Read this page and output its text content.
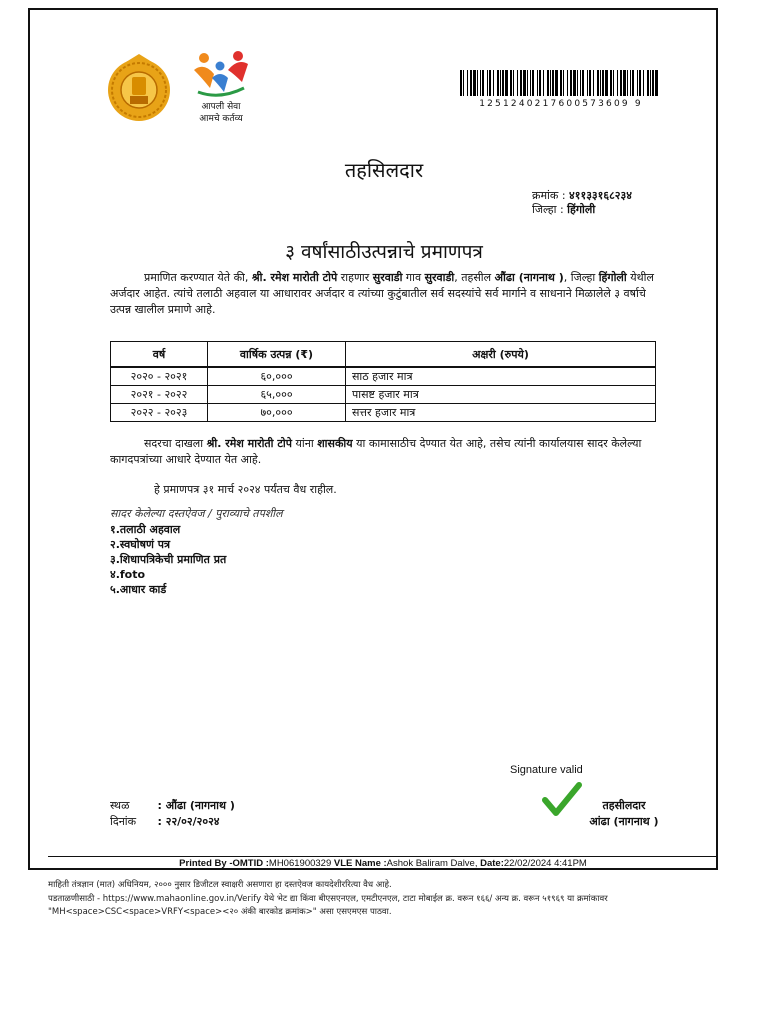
आपली सेवा
आमचे कर्तव्य
1251240217600573609 9
तहसिलदार
क्रमांक : ४११३३१६८२३४
जिल्हा : हिंगोली
३ वर्षांसाठीउत्पन्नाचे प्रमाणपत्र
प्रमाणित करण्यात येते की, श्री. रमेश मारोती टोपे राहणार सुरवाडी गाव सुरवाडी, तहसील औंढा (नागनाथ ), जिल्हा हिंगोली येथील अर्जदार आहेत. त्यांचे तलाठी अहवाल या आधारावर अर्जदार व त्यांच्या कुटुंबातील सर्व सदस्यांचे सर्व मार्गाने व साधनाने मिळालेले ३ वर्षाचे उत्पन्न खालील प्रमाणे आहे.
वर्ष	वार्षिक उत्पन्न (₹)	अक्षरी (रुपये)
२०२० - २०२१	६०,०००	साठ हजार मात्र
२०२१ - २०२२	६५,०००	पासष्ट हजार मात्र
२०२२ - २०२३	७०,०००	सत्तर हजार मात्र
सदरचा दाखला श्री. रमेश मारोती टोपे यांना शासकीय या कामासाठीच देण्यात येत आहे, तसेच त्यांनी कार्यालयास सादर केलेल्या कागदपत्रांच्या आधारे देण्यात येत आहे.
हे प्रमाणपत्र ३१ मार्च २०२४ पर्यंतच वैध राहील.
सादर केलेल्या दस्तऐवज / पुराव्याचे तपशील
१.तलाठी अहवाल
२.स्वघोषणं पत्र
३.शिधापत्रिकेची प्रमाणित प्रत
४.foto
५.आधार कार्ड
Signature valid
तहसीलदार
आंढा (नागनाथ )
स्थळ	: औंढा (नागनाथ )
दिनांक : २२/०२/२०२४
Printed By -OMTID :MH061900329 VLE Name :Ashok Baliram Dalve, Date:22/02/2024 4:41PM
माहिती तंत्रज्ञान (मात) अधिनियम, २००० नुसार डिजीटल स्वाक्षरी असणारा हा दस्तऐवज कायदेशीररित्या वैध आहे.
पडताळणीसाठी - https://www.mahaonline.gov.in/Verify येथे भेट द्या किंवा बीएसएनएल, एमटीएनएल, टाटा मोबाईल क्र. वरून १६६/ अन्य क्र. वरून ५१९६९ या क्रमांकावर
"MH<space>CSC<space>VRFY<space><२० अंकी बारकोड क्रमांक>" असा एसएमएस पाठवा.
